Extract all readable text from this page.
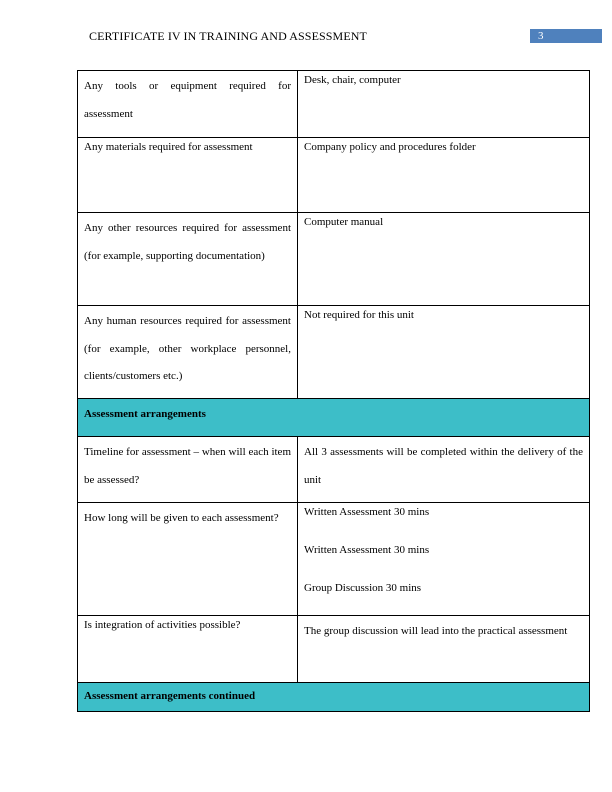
CERTIFICATE IV IN TRAINING AND ASSESSMENT	3
Any tools or equipment required for assessment	Desk, chair, computer
Any materials required for assessment	Company policy and procedures folder
Any other resources required for assessment (for example, supporting documentation)	Computer manual
Any human resources required for assessment (for example, other workplace personnel, clients/customers etc.)	Not required for this unit
Assessment arrangements	
Timeline for assessment – when will each item be assessed?	All 3 assessments will be completed within the delivery of the unit
How long will be given to each assessment?	Written Assessment 30 mins
Written Assessment 30 mins
Group Discussion 30 mins

Is integration of activities possible?	The group discussion will lead into the practical assessment
Assessment arrangements continued	
